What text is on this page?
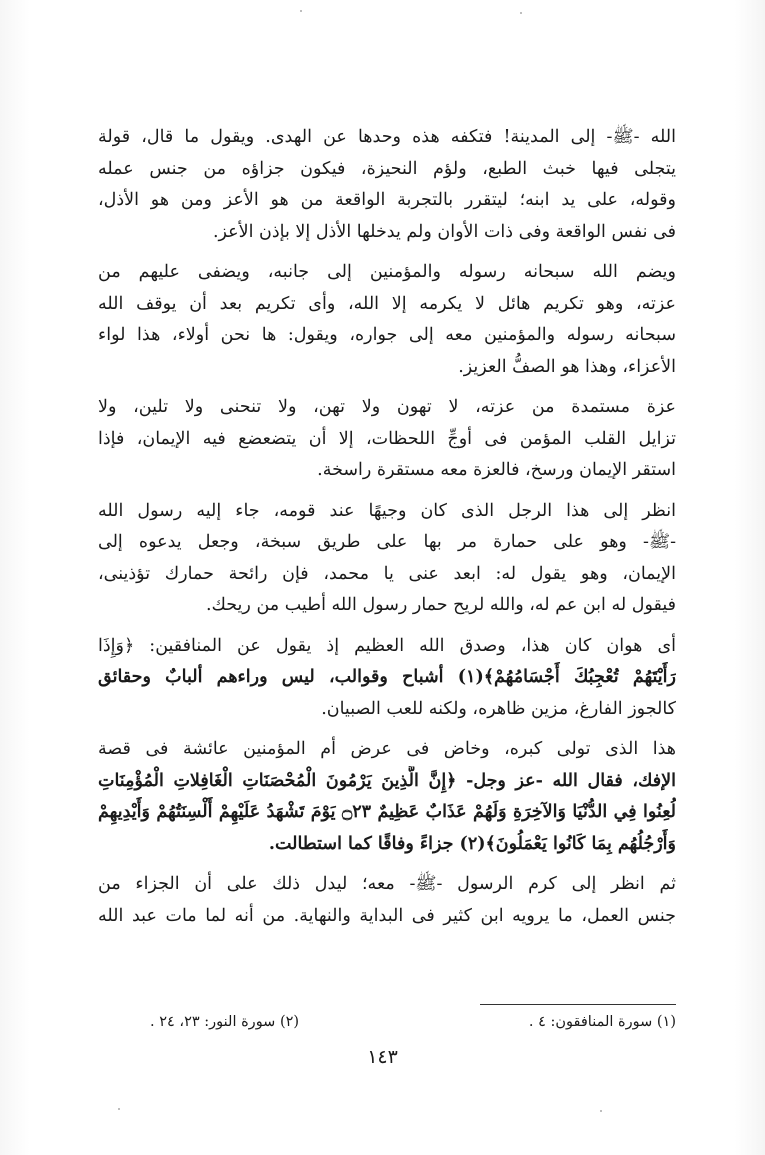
الله -ﷺ- إلى المدينة! فتكفه هذه وحدها عن الهدى. ويقول ما قال، قولة
يتجلى فيها خبث الطبع، ولؤم النحيزة، فيكون جزاؤه من جنس عمله
وقوله، على يد ابنه؛ ليتقرر بالتجربة الواقعة من هو الأعز ومن هو الأذل،
فى نفس الواقعة وفى ذات الأوان ولم يدخلها الأذل إلا بإذن الأعز.

ويضم الله سبحانه رسوله والمؤمنين إلى جانبه، ويضفى عليهم من
عزته، وهو تكريم هائل لا يكرمه إلا الله، وأى تكريم بعد أن يوقف الله
سبحانه رسوله والمؤمنين معه إلى جواره، ويقول: ها نحن أولاء، هذا لواء
الأعزاء، وهذا هو الصفُّ العزيز.

عزة مستمدة من عزته، لا تهون ولا تهن، ولا تنحنى ولا تلين، ولا
تزايل القلب المؤمن فى أوجِّ اللحظات، إلا أن يتضعضع فيه الإيمان، فإذا
استقر الإيمان ورسخ، فالعزة معه مستقرة راسخة.

انظر إلى هذا الرجل الذى كان وجيهًا عند قومه، جاء إليه رسول الله
-ﷺ- وهو على حمارة مر بها على طريق سبخة، وجعل يدعوه إلى
الإيمان، وهو يقول له: ابعد عنى يا محمد، فإن رائحة حمارك تؤذينى،
فيقول له ابن عم له، والله لريح حمار رسول الله أطيب من ريحك.

أى هوان كان هذا، وصدق الله العظيم إذ يقول عن المنافقين: ﴿وَإِذَا
رَأَيْتَهُمْ تُعْجِبُكَ أَجْسَامُهُمْ﴾(١) أشباح وقوالب، ليس وراءهم ألبابٌ وحقائق
كالجوز الفارغ، مزين ظاهره، ولكنه للعب الصبيان.

هذا الذى تولى كبره، وخاض فى عرض أم المؤمنين عائشة فى قصة
الإفك، فقال الله -عز وجل- ﴿إِنَّ الَّذِينَ يَرْمُونَ الْمُحْصَنَاتِ الْغَافِلاتِ الْمُؤْمِنَاتِ
لُعِنُوا فِي الدُّنْيَا وَالآخِرَةِ وَلَهُمْ عَذَابٌ عَظِيمٌ ۝٢٣ يَوْمَ تَشْهَدُ عَلَيْهِمْ أَلْسِنَتُهُمْ وَأَيْدِيهِمْ
وَأَرْجُلُهُم بِمَا كَانُوا يَعْمَلُونَ﴾(٢) جزاءً وفاقًا كما استطالت.

ثم انظر إلى كرم الرسول -ﷺ- معه؛ ليدل ذلك على أن الجزاء من
جنس العمل، ما يرويه ابن كثير فى البداية والنهاية. من أنه لما مات عبد الله

(١) سورة المنافقون: ٤ .
(٢) سورة النور: ٢٣، ٢٤ .
١٤٣
